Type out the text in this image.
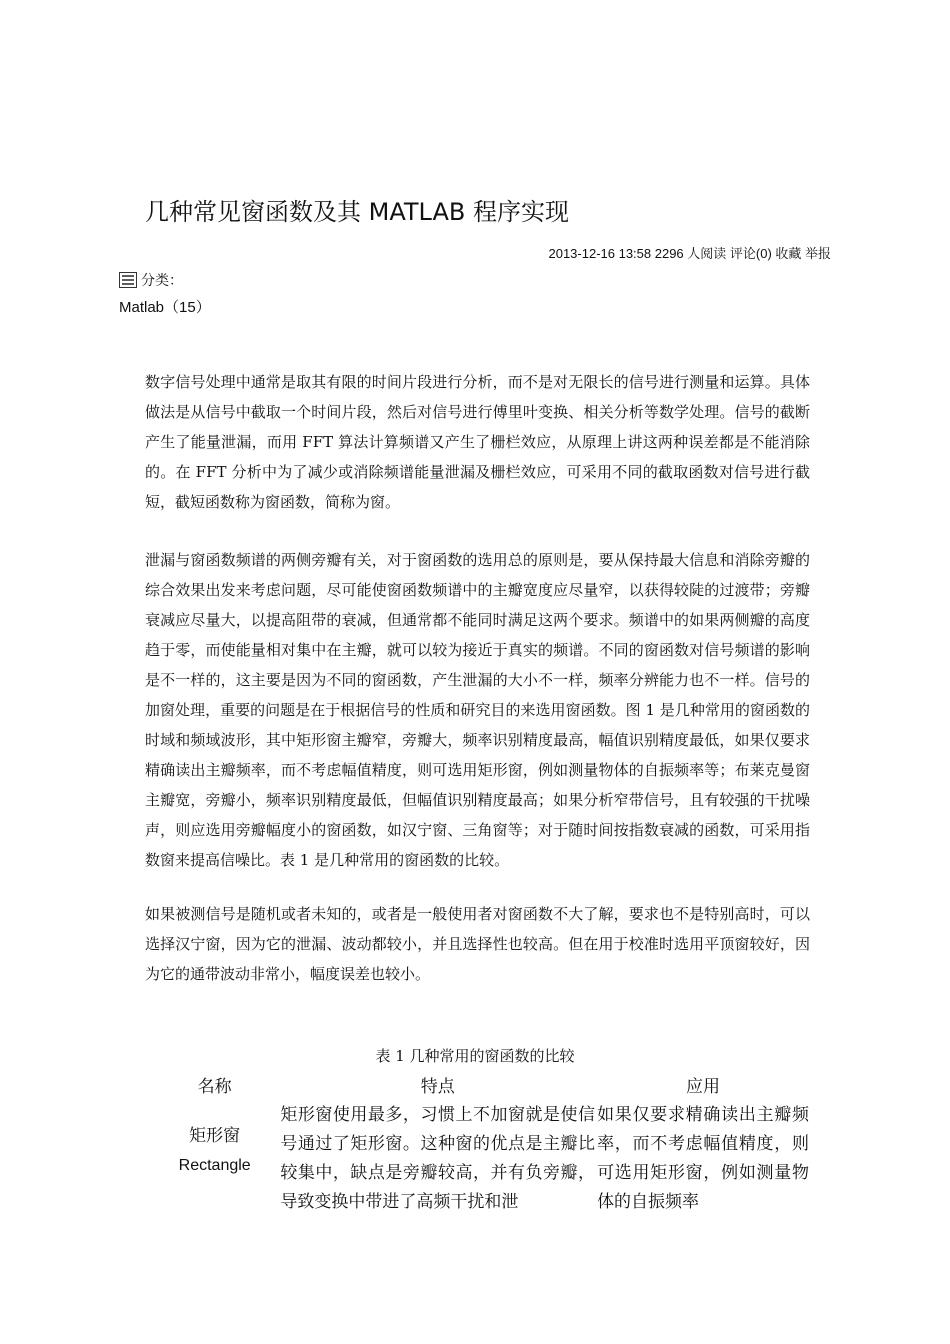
几种常见窗函数及其 MATLAB 程序实现
2013-12-16 13:58 2296 人阅读 评论(0) 收藏 举报
分类：
Matlab（15）

数字信号处理中通常是取其有限的时间片段进行分析，而不是对无限长的信号进行测量和运算。具体做法是从信号中截取一个时间片段，然后对信号进行傅里叶变换、相关分析等数学处理。信号的截断产生了能量泄漏，而用 FFT 算法计算频谱又产生了栅栏效应，从原理上讲这两种误差都是不能消除的。在 FFT 分析中为了减少或消除频谱能量泄漏及栅栏效应，可采用不同的截取函数对信号进行截短，截短函数称为窗函数，简称为窗。

泄漏与窗函数频谱的两侧旁瓣有关，对于窗函数的选用总的原则是，要从保持最大信息和消除旁瓣的综合效果出发来考虑问题，尽可能使窗函数频谱中的主瓣宽度应尽量窄，以获得较陡的过渡带；旁瓣衰减应尽量大，以提高阻带的衰减，但通常都不能同时满足这两个要求。频谱中的如果两侧瓣的高度趋于零，而使能量相对集中在主瓣，就可以较为接近于真实的频谱。不同的窗函数对信号频谱的影响是不一样的，这主要是因为不同的窗函数，产生泄漏的大小不一样，频率分辨能力也不一样。信号的加窗处理，重要的问题是在于根据信号的性质和研究目的来选用窗函数。图 1 是几种常用的窗函数的时域和频域波形，其中矩形窗主瓣窄，旁瓣大，频率识别精度最高，幅值识别精度最低，如果仅要求精确读出主瓣频率，而不考虑幅值精度，则可选用矩形窗，例如测量物体的自振频率等；布莱克曼窗主瓣宽，旁瓣小，频率识别精度最低，但幅值识别精度最高；如果分析窄带信号，且有较强的干扰噪声，则应选用旁瓣幅度小的窗函数，如汉宁窗、三角窗等；对于随时间按指数衰减的函数，可采用指数窗来提高信噪比。表 1 是几种常用的窗函数的比较。

如果被测信号是随机或者未知的，或者是一般使用者对窗函数不大了解，要求也不是特别高时，可以选择汉宁窗，因为它的泄漏、波动都较小，并且选择性也较高。但在用于校准时选用平顶窗较好，因为它的通带波动非常小，幅度误差也较小。

表 1 几种常用的窗函数的比较
名称	特点	应用

矩形窗
Rectangle	矩形窗使用最多，习惯上不加窗就是使信号通过了矩形窗。这种窗的优点是主瓣比较集中，缺点是旁瓣较高，并有负旁瓣，导致变换中带进了高频干扰和泄	如果仅要求精确读出主瓣频率，而不考虑幅值精度，则可选用矩形窗，例如测量物体的自振频率
